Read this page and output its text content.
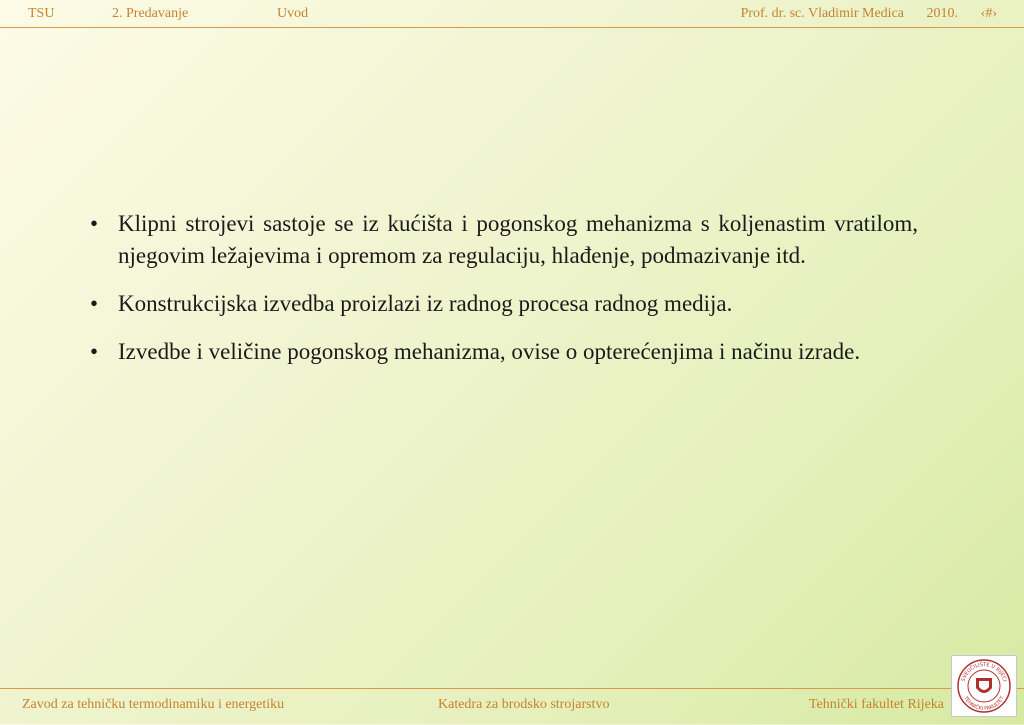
TSU	2. Predavanje	Uvod	Prof. dr. sc. Vladimir Medica 2010. ‹#›
• Klipni strojevi sastoje se iz kućišta i pogonskog mehanizma s koljenastim vratilom, njegovim ležajevima i opremom za regulaciju, hlađenje, podmazivanje itd.
• Konstrukcijska izvedba proizlazi iz radnog procesa radnog medija.
• Izvedbe i veličine pogonskog mehanizma, ovise o opterećenjima i načinu izrade.
Zavod za tehničku termodinamiku i energetiku	Katedra za brodsko strojarstvo	Tehnički fakultet Rijeka
SVEUČILIŠTE U RIJECI
TEHNIČKI FAKULTET
